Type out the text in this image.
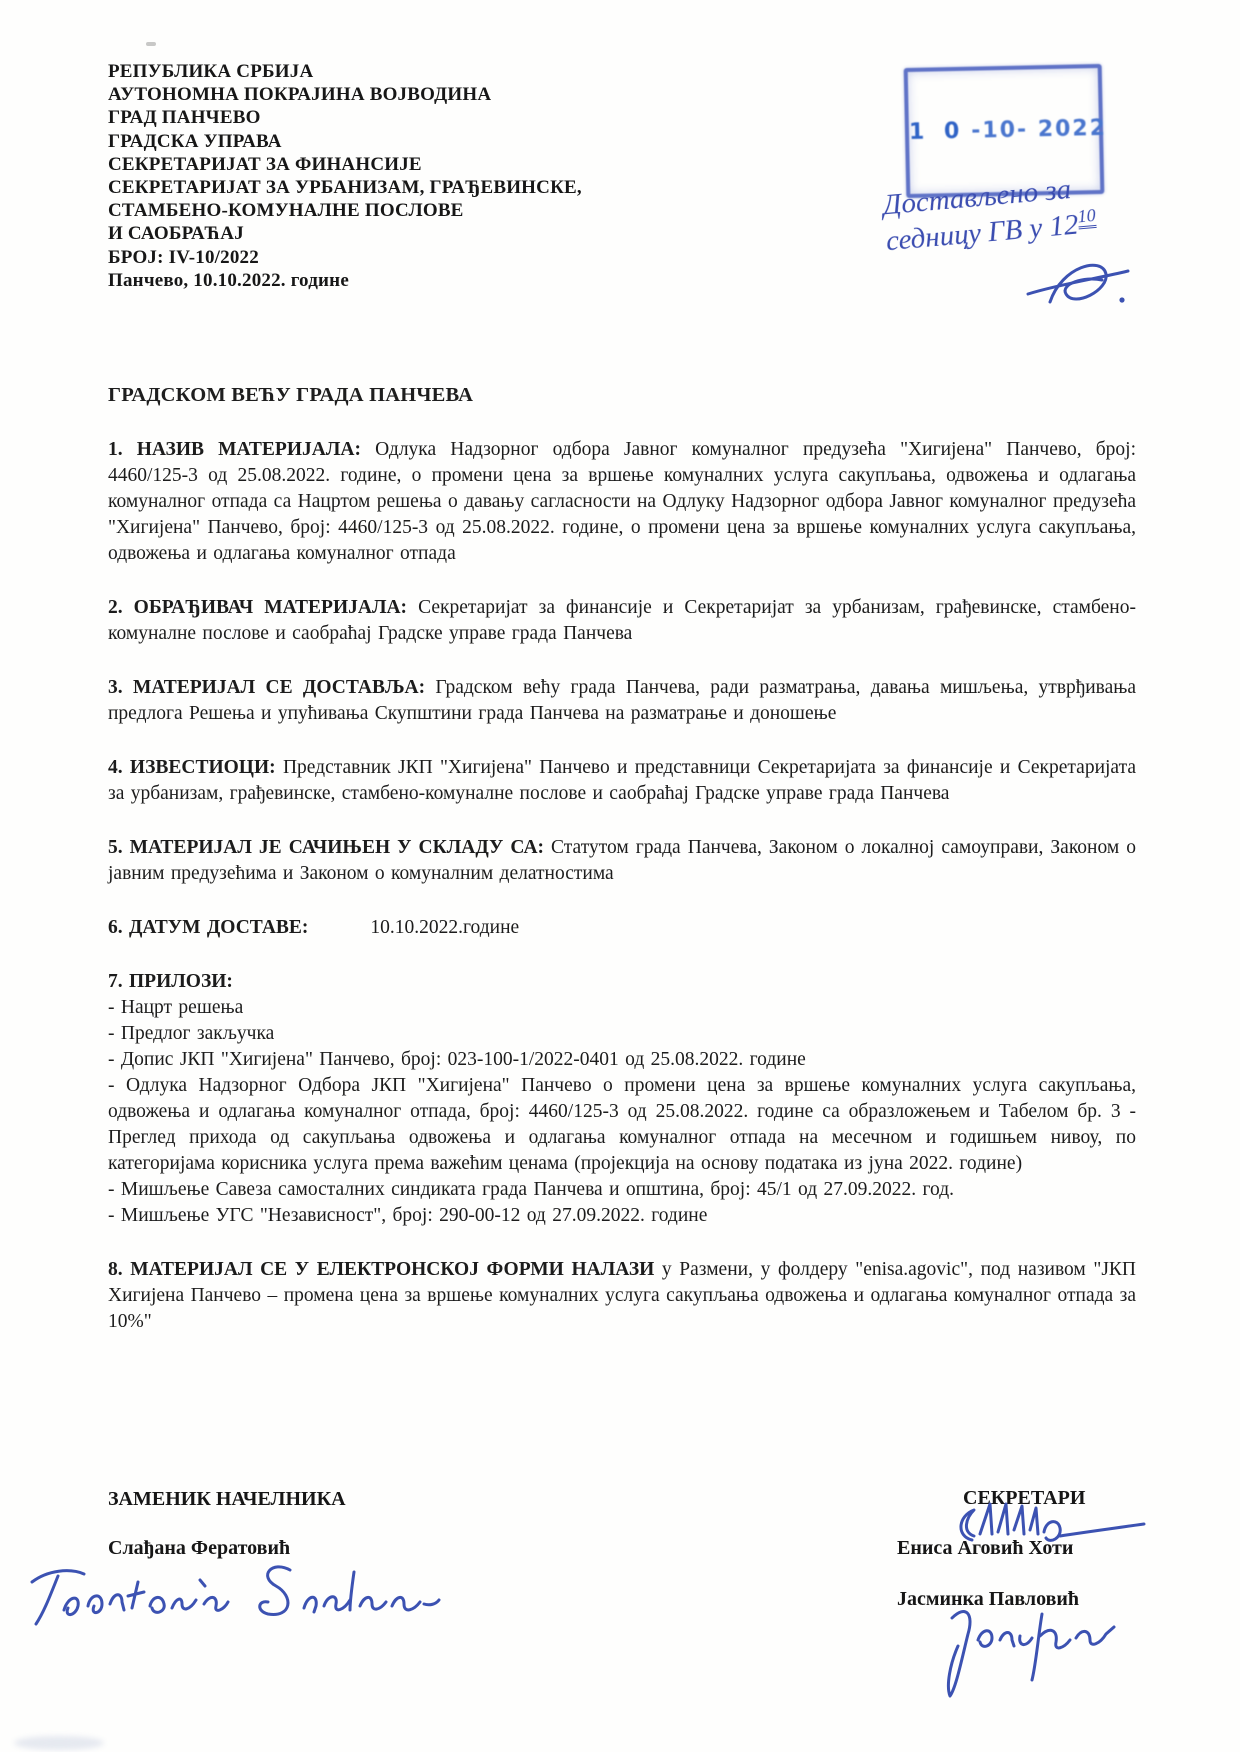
РЕПУБЛИКА СРБИЈА
АУТОНОМНА ПОКРАЈИНА ВОЈВОДИНА
ГРАД ПАНЧЕВО
ГРАДСКА УПРАВА
СЕКРЕТАРИЈАТ ЗА ФИНАНСИЈЕ
СЕКРЕТАРИЈАТ ЗА УРБАНИЗАМ, ГРАЂЕВИНСКЕ,
СТАМБЕНО-КОМУНАЛНЕ ПОСЛОВЕ
И САОБРАЋАЈ
БРОЈ: IV-10/2022
Панчево, 10.10.2022. године
1 0 -10- 2022
Достављено за
седницу ГВ у $12^{10}$
ГРАДСКОМ ВЕЋУ ГРАДА ПАНЧЕВА

1. НАЗИВ МАТЕРИЈАЛА: Одлука Надзорног одбора Јавног комуналног предузећа "Хигијена" Панчево, број: 4460/125-3 од 25.08.2022. године, о промени цена за вршење комуналних услуга сакупљања, одвожења и одлагања комуналног отпада са Нацртом решења о давању сагласности на Одлуку Надзорног одбора Јавног комуналног предузећа "Хигијена" Панчево, број: 4460/125-3 од 25.08.2022. године, о промени цена за вршење комуналних услуга сакупљања, одвожења и одлагања комуналног отпада

2. ОБРАЂИВАЧ МАТЕРИЈАЛА: Секретаријат за финансије и Секретаријат за урбанизам, грађевинске, стамбено-комуналне послове и саобраћај Градске управе града Панчева

3. МАТЕРИЈАЛ СЕ ДОСТАВЉА: Градском већу града Панчева, ради разматрања, давања мишљења, утврђивања предлога Решења и упућивања Скупштини града Панчева на разматрање и доношење

4. ИЗВЕСТИОЦИ: Представник ЈКП "Хигијена" Панчево и представници Секретаријата за финансије и Секретаријата за урбанизам, грађевинске, стамбено-комуналне послове и саобраћај Градске управе града Панчева

5. МАТЕРИЈАЛ ЈЕ САЧИЊЕН У СКЛАДУ СА: Статутом града Панчева, Законом о локалној самоуправи, Законом о јавним предузећима и Законом о комуналним делатностима

6. ДАТУМ ДОСТАВЕ:	10.10.2022.године

7. ПРИЛОЗИ:

- Нацрт решења
- Предлог закључка
- Допис ЈКП "Хигијена" Панчево, број: 023-100-1/2022-0401 од 25.08.2022. године
- Одлука Надзорног Одбора ЈКП "Хигијена" Панчево о промени цена за вршење комуналних услуга сакупљања, одвожења и одлагања комуналног отпада, број: 4460/125-3 од 25.08.2022. године са образложењем и Табелом бр. 3 - Преглед прихода од сакупљања одвожења и одлагања комуналног отпада на месечном и годишњем нивоу, по категоријама корисника услуга према важећим ценама (пројекција на основу података из јуна 2022. године)
- Мишљење Савеза самосталних синдиката града Панчева и општина, број: 45/1 од 27.09.2022. год.
- Мишљење УГС "Независност", број: 290-00-12 од 27.09.2022. године

8. МАТЕРИЈАЛ СЕ У ЕЛЕКТРОНСКОЈ ФОРМИ НАЛАЗИ у Размени, у фолдеру "enisa.agovic", под називом "ЈКП Хигијена Панчево – промена цена за вршење комуналних услуга сакупљања одвожења и одлагања комуналног отпада за 10%"

ЗАМЕНИК НАЧЕЛНИКА
Слађана Фератовић
СЕКРЕТАРИ
Ениса Аговић Хоти
Јасминка Павловић
